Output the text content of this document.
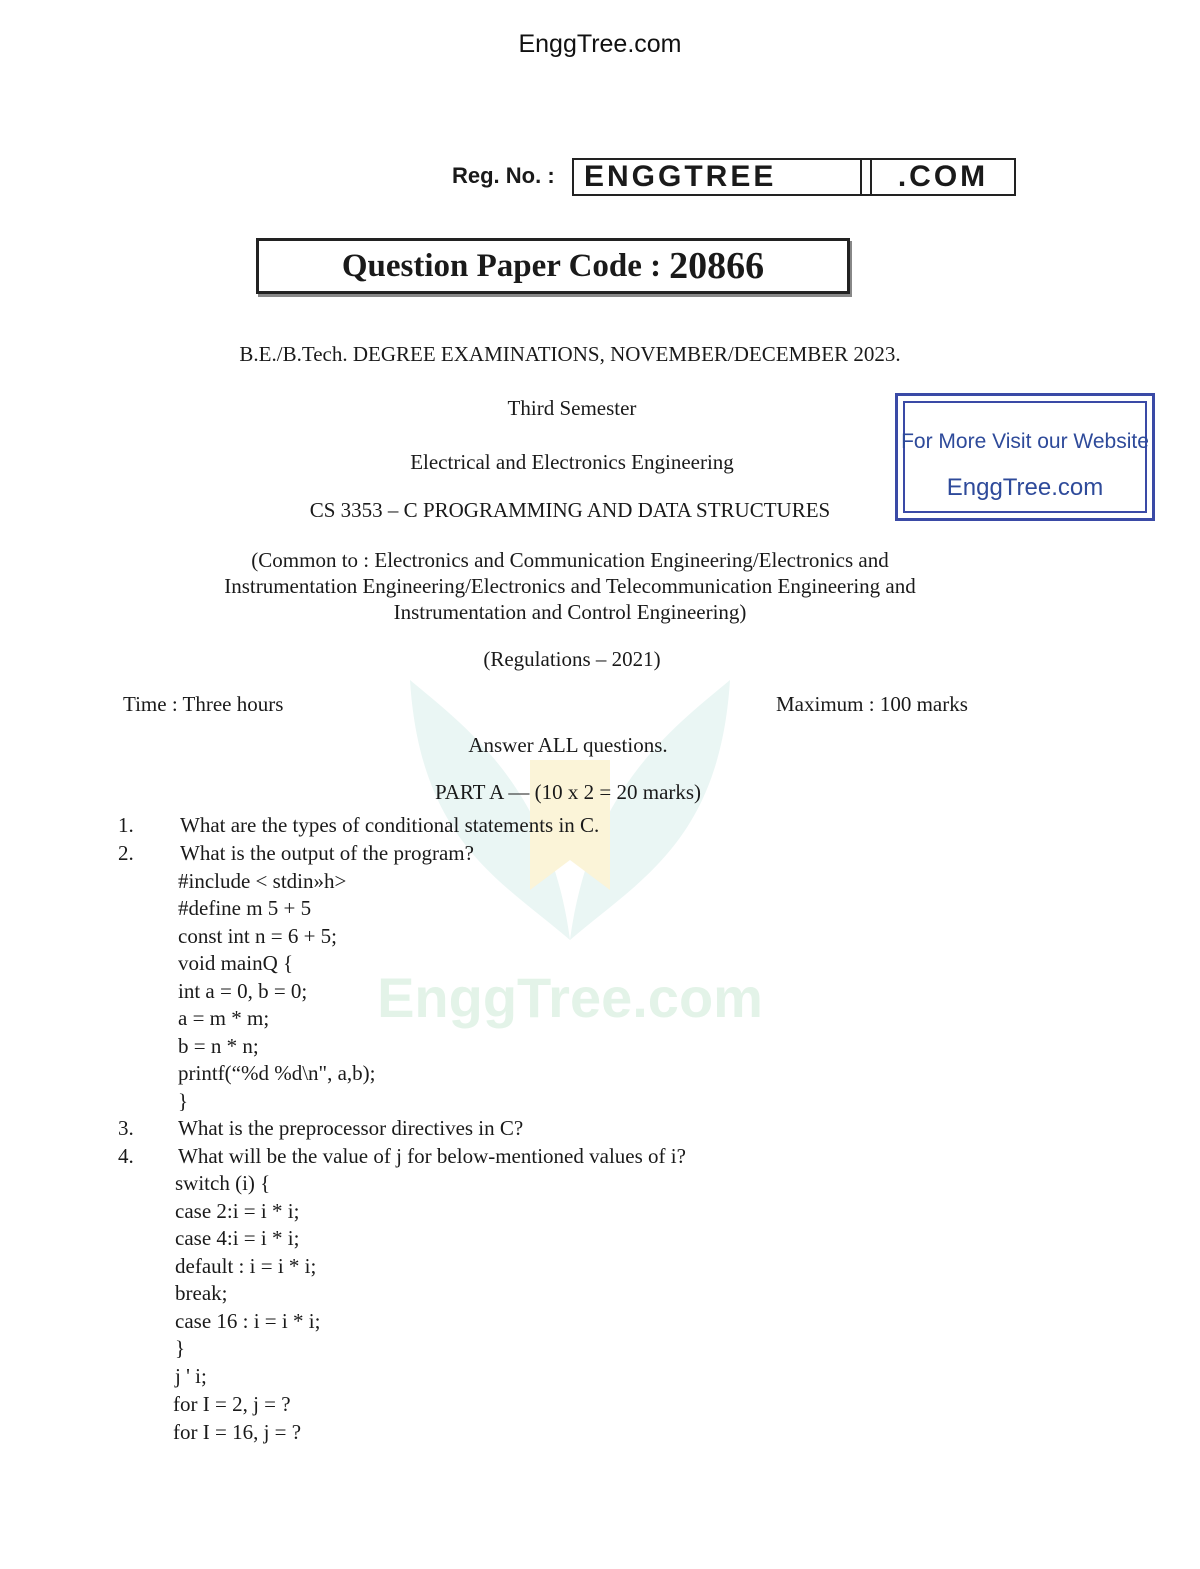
EnggTree.com
Reg. No. : ENGGTREE	.COM
Question Paper Code : 20866
EnggTree.com
B.E./B.Tech. DEGREE EXAMINATIONS, NOVEMBER/DECEMBER 2023.
Third Semester
Electrical and Electronics Engineering
CS 3353 – C PROGRAMMING AND DATA STRUCTURES
For More Visit our Website
EnggTree.com
(Common to : Electronics and Communication Engineering/Electronics and
Instrumentation Engineering/Electronics and Telecommunication Engineering and
Instrumentation and Control Engineering)
(Regulations – 2021)
Time : Three hours	Maximum : 100 marks
Answer ALL questions.
PART A — (10 x 2 = 20 marks)
1. What are the types of conditional statements in C.
2. What is the output of the program?
#include < stdin»h>
#define m 5 + 5
const int n = 6 + 5;
void mainQ {
int a = 0, b = 0;
a = m * m;
b = n * n;
printf(“%d %d\n", a,b);
}
3. What is the preprocessor directives in C?
4. What will be the value of j for below-mentioned values of i?
switch (i) {
case 2:i = i * i;
case 4:i = i * i;
default : i = i * i;
break;
case 16 : i = i * i;
}
j ' i;
for I = 2, j = ?
for I = 16, j = ?
